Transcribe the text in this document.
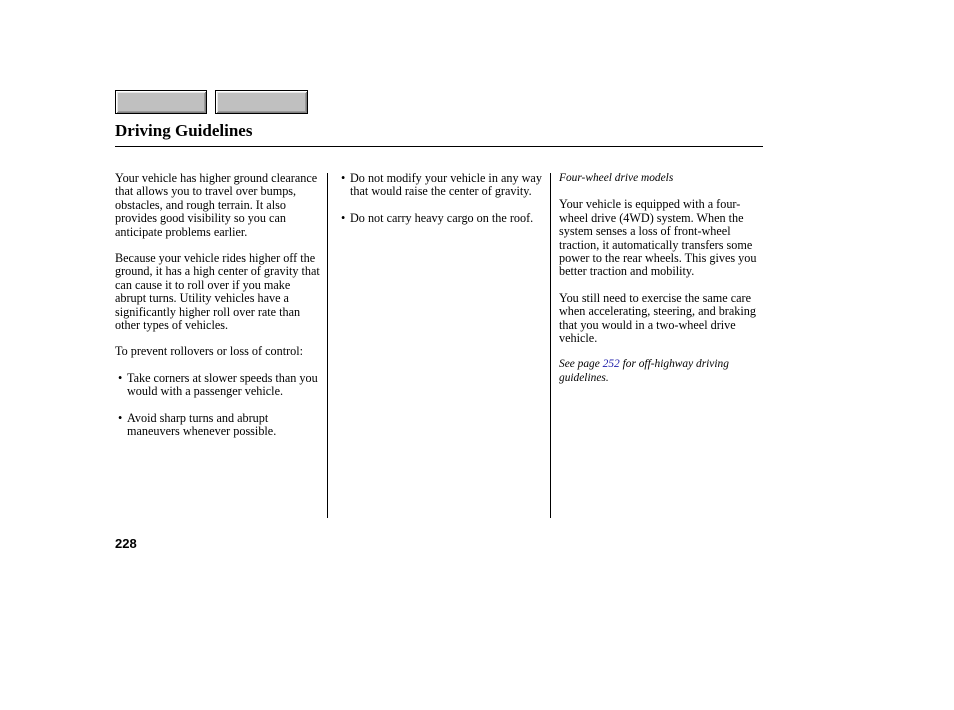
Driving Guidelines

Your vehicle has higher ground clearance that allows you to travel over bumps, obstacles, and rough terrain. It also provides good visibility so you can anticipate problems earlier.

Because your vehicle rides higher off the ground, it has a high center of gravity that can cause it to roll over if you make abrupt turns. Utility vehicles have a significantly higher roll over rate than other types of vehicles.

To prevent rollovers or loss of control:

• Take corners at slower speeds than you would with a passenger vehicle.
• Avoid sharp turns and abrupt maneuvers whenever possible.
• Do not modify your vehicle in any way that would raise the center of gravity.
• Do not carry heavy cargo on the roof.

Four-wheel drive models

Your vehicle is equipped with a four-wheel drive (4WD) system. When the system senses a loss of front-wheel traction, it automatically transfers some power to the rear wheels. This gives you better traction and mobility.

You still need to exercise the same care when accelerating, steering, and braking that you would in a two-wheel drive vehicle.

See page 252 for off-highway driving guidelines.

228
